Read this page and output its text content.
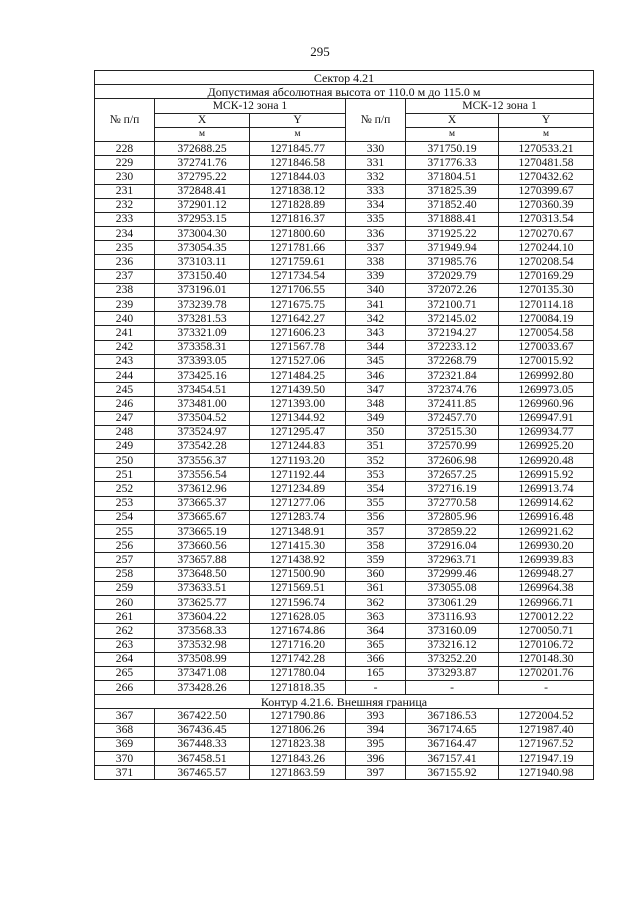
295
Сектор 4.21					
Допустимая абсолютная высота от 110.0 м до 115.0 м					
№ п/п	МСК-12 зона 1		№ п/п	МСК-12 зона 1	
	X	Y		X	Y
	м	м		м	м
228	372688.25	1271845.77	330	371750.19	1270533.21
229	372741.76	1271846.58	331	371776.33	1270481.58
230	372795.22	1271844.03	332	371804.51	1270432.62
231	372848.41	1271838.12	333	371825.39	1270399.67
232	372901.12	1271828.89	334	371852.40	1270360.39
233	372953.15	1271816.37	335	371888.41	1270313.54
234	373004.30	1271800.60	336	371925.22	1270270.67
235	373054.35	1271781.66	337	371949.94	1270244.10
236	373103.11	1271759.61	338	371985.76	1270208.54
237	373150.40	1271734.54	339	372029.79	1270169.29
238	373196.01	1271706.55	340	372072.26	1270135.30
239	373239.78	1271675.75	341	372100.71	1270114.18
240	373281.53	1271642.27	342	372145.02	1270084.19
241	373321.09	1271606.23	343	372194.27	1270054.58
242	373358.31	1271567.78	344	372233.12	1270033.67
243	373393.05	1271527.06	345	372268.79	1270015.92
244	373425.16	1271484.25	346	372321.84	1269992.80
245	373454.51	1271439.50	347	372374.76	1269973.05
246	373481.00	1271393.00	348	372411.85	1269960.96
247	373504.52	1271344.92	349	372457.70	1269947.91
248	373524.97	1271295.47	350	372515.30	1269934.77
249	373542.28	1271244.83	351	372570.99	1269925.20
250	373556.37	1271193.20	352	372606.98	1269920.48
251	373556.54	1271192.44	353	372657.25	1269915.92
252	373612.96	1271234.89	354	372716.19	1269913.74
253	373665.37	1271277.06	355	372770.58	1269914.62
254	373665.67	1271283.74	356	372805.96	1269916.48
255	373665.19	1271348.91	357	372859.22	1269921.62
256	373660.56	1271415.30	358	372916.04	1269930.20
257	373657.88	1271438.92	359	372963.71	1269939.83
258	373648.50	1271500.90	360	372999.46	1269948.27
259	373633.51	1271569.51	361	373055.08	1269964.38
260	373625.77	1271596.74	362	373061.29	1269966.71
261	373604.22	1271628.05	363	373116.93	1270012.22
262	373568.33	1271674.86	364	373160.09	1270050.71
263	373532.98	1271716.20	365	373216.12	1270106.72
264	373508.99	1271742.28	366	373252.20	1270148.30
265	373471.08	1271780.04	165	373293.87	1270201.76
266	373428.26	1271818.35	-	-	-
Контур 4.21.6. Внешняя граница					
367	367422.50	1271790.86	393	367186.53	1272004.52
368	367436.45	1271806.26	394	367174.65	1271987.40
369	367448.33	1271823.38	395	367164.47	1271967.52
370	367458.51	1271843.26	396	367157.41	1271947.19
371	367465.57	1271863.59	397	367155.92	1271940.98
